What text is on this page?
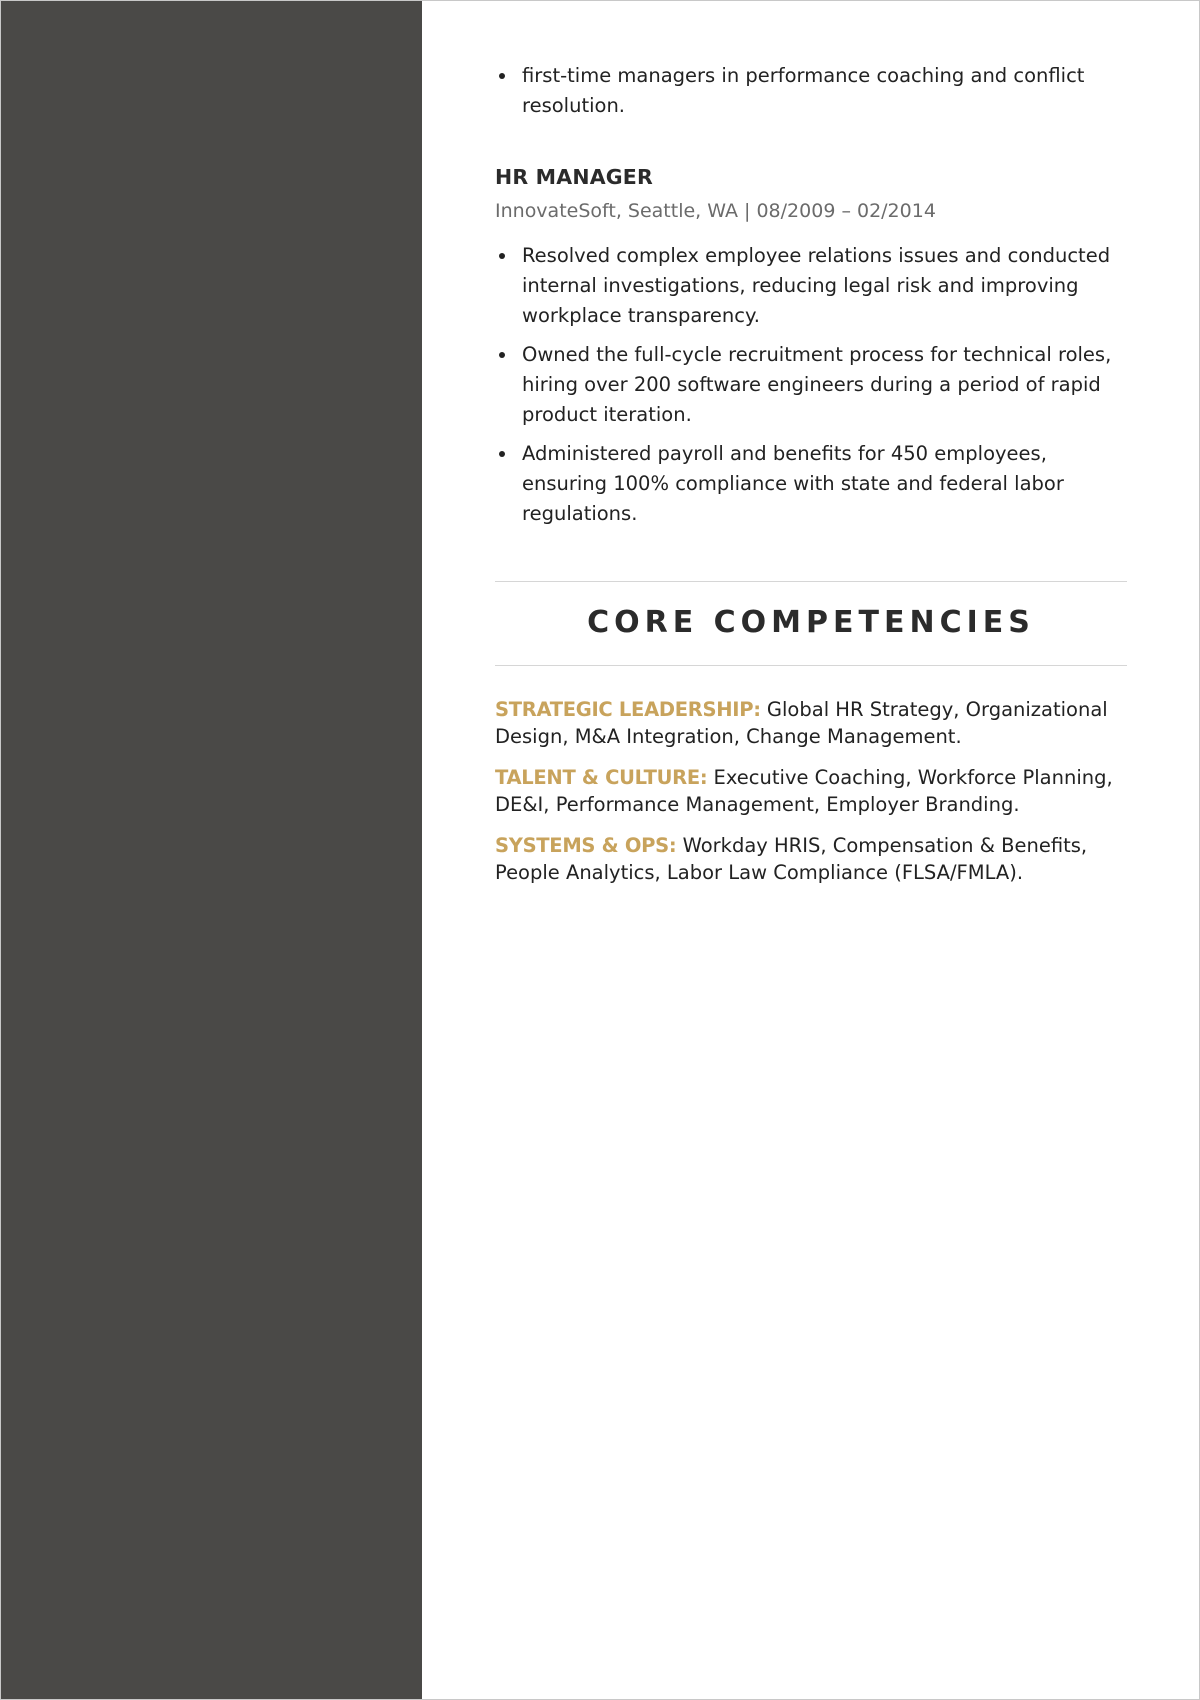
first-time managers in performance coaching and conflict resolution.
HR MANAGER
InnovateSoft, Seattle, WA | 08/2009 – 02/2014
Resolved complex employee relations issues and conducted internal investigations, reducing legal risk and improving workplace transparency.
Owned the full-cycle recruitment process for technical roles, hiring over 200 software engineers during a period of rapid product iteration.
Administered payroll and benefits for 450 employees, ensuring 100% compliance with state and federal labor regulations.
CORE COMPETENCIES
STRATEGIC LEADERSHIP: Global HR Strategy, Organizational Design, M&A Integration, Change Management.
TALENT & CULTURE: Executive Coaching, Workforce Planning, DE&I, Performance Management, Employer Branding.
SYSTEMS & OPS: Workday HRIS, Compensation & Benefits, People Analytics, Labor Law Compliance (FLSA/FMLA).
